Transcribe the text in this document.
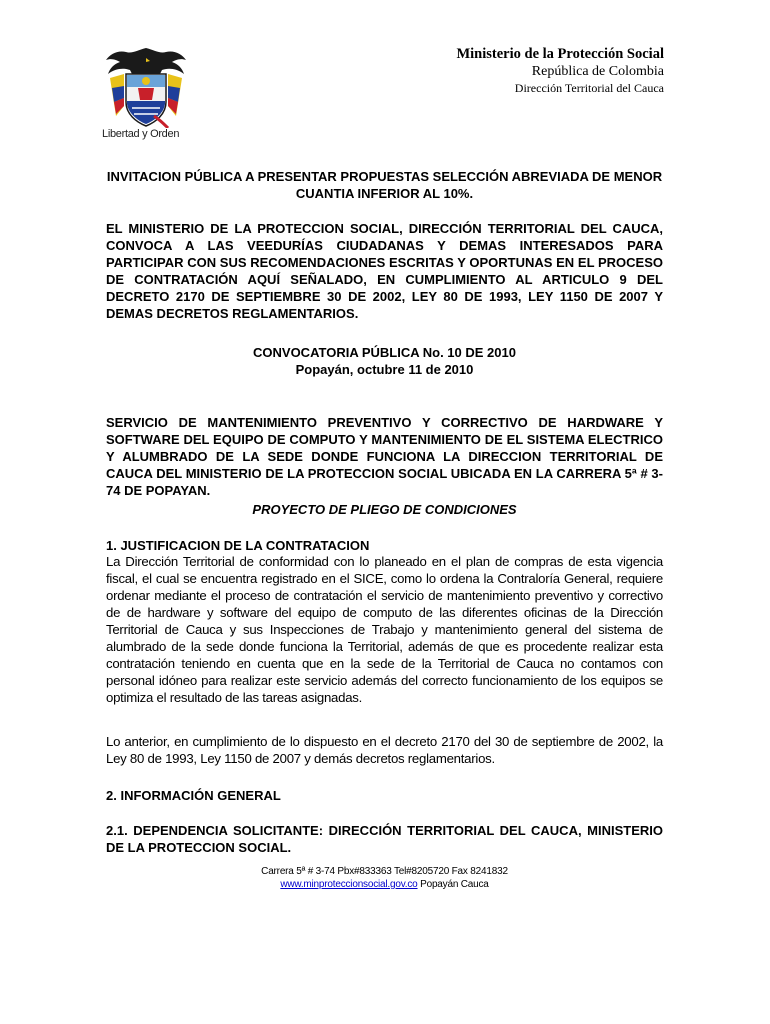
Libertad y Orden
Ministerio de la Protección Social
República de Colombia
Dirección Territorial del Cauca
INVITACION PÚBLICA A PRESENTAR PROPUESTAS SELECCIÓN ABREVIADA DE MENOR CUANTIA INFERIOR AL 10%.
EL MINISTERIO DE LA PROTECCION SOCIAL, DIRECCIÓN TERRITORIAL DEL CAUCA, CONVOCA A LAS VEEDURÍAS CIUDADANAS Y DEMAS INTERESADOS PARA PARTICIPAR CON SUS RECOMENDACIONES ESCRITAS Y OPORTUNAS EN EL PROCESO DE CONTRATACIÓN AQUÍ SEÑALADO, EN CUMPLIMIENTO AL ARTICULO 9 DEL DECRETO 2170 DE SEPTIEMBRE 30 DE 2002, LEY 80 DE 1993, LEY 1150 DE 2007 Y DEMAS DECRETOS REGLAMENTARIOS.
CONVOCATORIA PÚBLICA No. 10 DE 2010
Popayán, octubre 11 de 2010
SERVICIO DE MANTENIMIENTO PREVENTIVO Y CORRECTIVO DE HARDWARE Y SOFTWARE DEL EQUIPO DE COMPUTO Y MANTENIMIENTO DE EL SISTEMA ELECTRICO Y ALUMBRADO DE LA SEDE DONDE FUNCIONA LA DIRECCION TERRITORIAL DE CAUCA DEL MINISTERIO DE LA PROTECCION SOCIAL UBICADA EN LA CARRERA 5ª # 3-74 DE POPAYAN.
PROYECTO DE PLIEGO DE CONDICIONES
1. JUSTIFICACION DE LA CONTRATACION
La Dirección Territorial de conformidad con lo planeado en el plan de compras de esta vigencia fiscal, el cual se encuentra registrado en el SICE, como lo ordena la Contraloría General, requiere ordenar mediante el proceso de contratación el servicio de mantenimiento preventivo y correctivo de de hardware y software del equipo de computo de las diferentes oficinas de la Dirección Territorial de Cauca y sus Inspecciones de Trabajo y mantenimiento general del sistema de alumbrado de la sede donde funciona la Territorial, además de que es procedente realizar esta contratación teniendo en cuenta que en la sede de la Territorial de Cauca no contamos con personal idóneo para realizar este servicio además del correcto funcionamiento de los equipos se optimiza el resultado de las tareas asignadas.
Lo anterior, en cumplimiento de lo dispuesto en el decreto 2170 del 30 de septiembre de 2002, la Ley 80 de 1993, Ley 1150 de 2007 y demás decretos reglamentarios.
2. INFORMACIÓN GENERAL
2.1. DEPENDENCIA SOLICITANTE: DIRECCIÓN TERRITORIAL DEL CAUCA, MINISTERIO DE LA PROTECCION SOCIAL.
Carrera 5ª # 3-74 Pbx#833363 Tel#8205720 Fax 8241832
www.minproteccionsocial.gov.co Popayán Cauca
